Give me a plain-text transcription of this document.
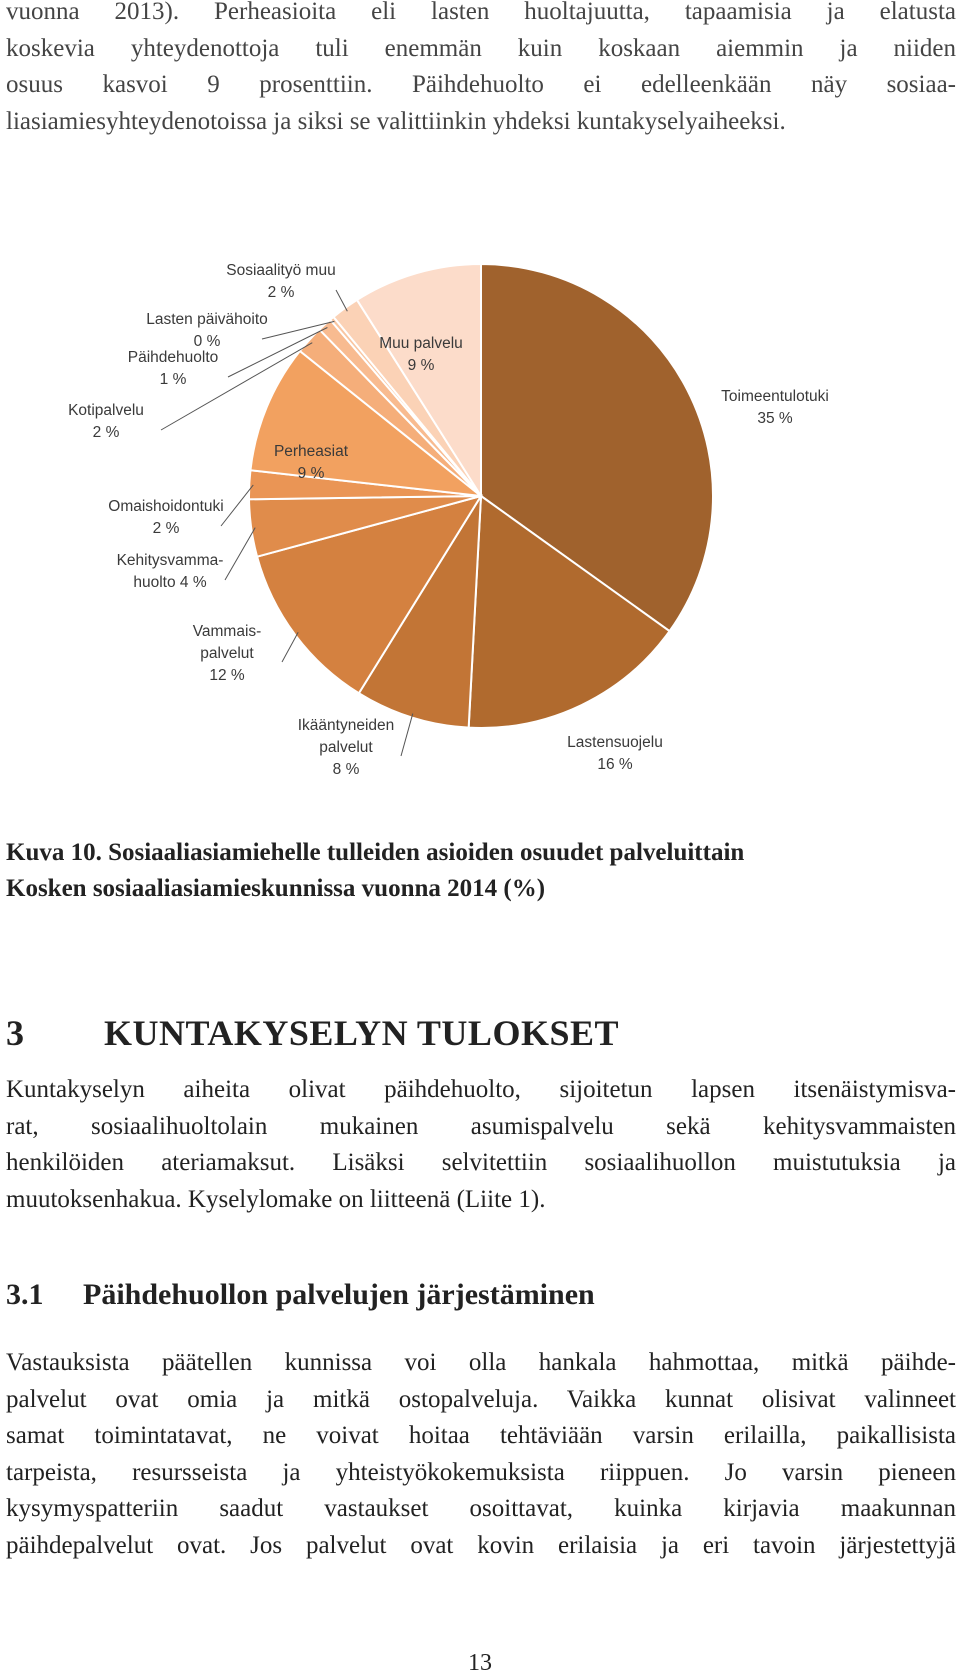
vuonna 2013). Perheasioita eli lasten huoltajuutta, tapaamisia ja elatusta
koskevia yhteydenottoja tuli enemmän kuin koskaan aiemmin ja niiden
osuus kasvoi 9 prosenttiin. Päihdehuolto ei edelleenkään näy sosiaa-
liasiamiesyhteydenotoissa ja siksi se valittiinkin yhdeksi kuntakyselyaiheeksi.
Toimeentulotuki 35 %
Lastensuojelu 16 %
Ikääntyneiden palvelut 8 %
Vammais-palvelut 12 %
Kehitysvamma-huolto 4 %
Omaishoidontuki 2 %
Perheasiat 9 %
Kotipalvelu 2 %
Päihdehuolto 1 %
Lasten päivähoito 0 %
Sosiaalityö muu 2 %
Muu palvelu 9 %
Kuva 10. Sosiaaliasiamiehelle tulleiden asioiden osuudet palveluittain
Kosken sosiaaliasiamieskunnissa vuonna 2014 (%)
3 KUNTAKYSELYN TULOKSET
Kuntakyselyn aiheita olivat päihdehuolto, sijoitetun lapsen itsenäistymisva-
rat, sosiaalihuoltolain mukainen asumispalvelu sekä kehitysvammaisten
henkilöiden ateriamaksut. Lisäksi selvitettiin sosiaalihuollon muistutuksia ja
muutoksenhakua. Kyselylomake on liitteenä (Liite 1).
3.1 Päihdehuollon palvelujen järjestäminen
Vastauksista päätellen kunnissa voi olla hankala hahmottaa, mitkä päihde-
palvelut ovat omia ja mitkä ostopalveluja. Vaikka kunnat olisivat valinneet
samat toimintatavat, ne voivat hoitaa tehtäviään varsin erilailla, paikallisista
tarpeista, resursseista ja yhteistyökokemuksista riippuen. Jo varsin pieneen
kysymyspatteriin saadut vastaukset osoittavat, kuinka kirjavia maakunnan
päihdepalvelut ovat. Jos palvelut ovat kovin erilaisia ja eri tavoin järjestettyjä
13
